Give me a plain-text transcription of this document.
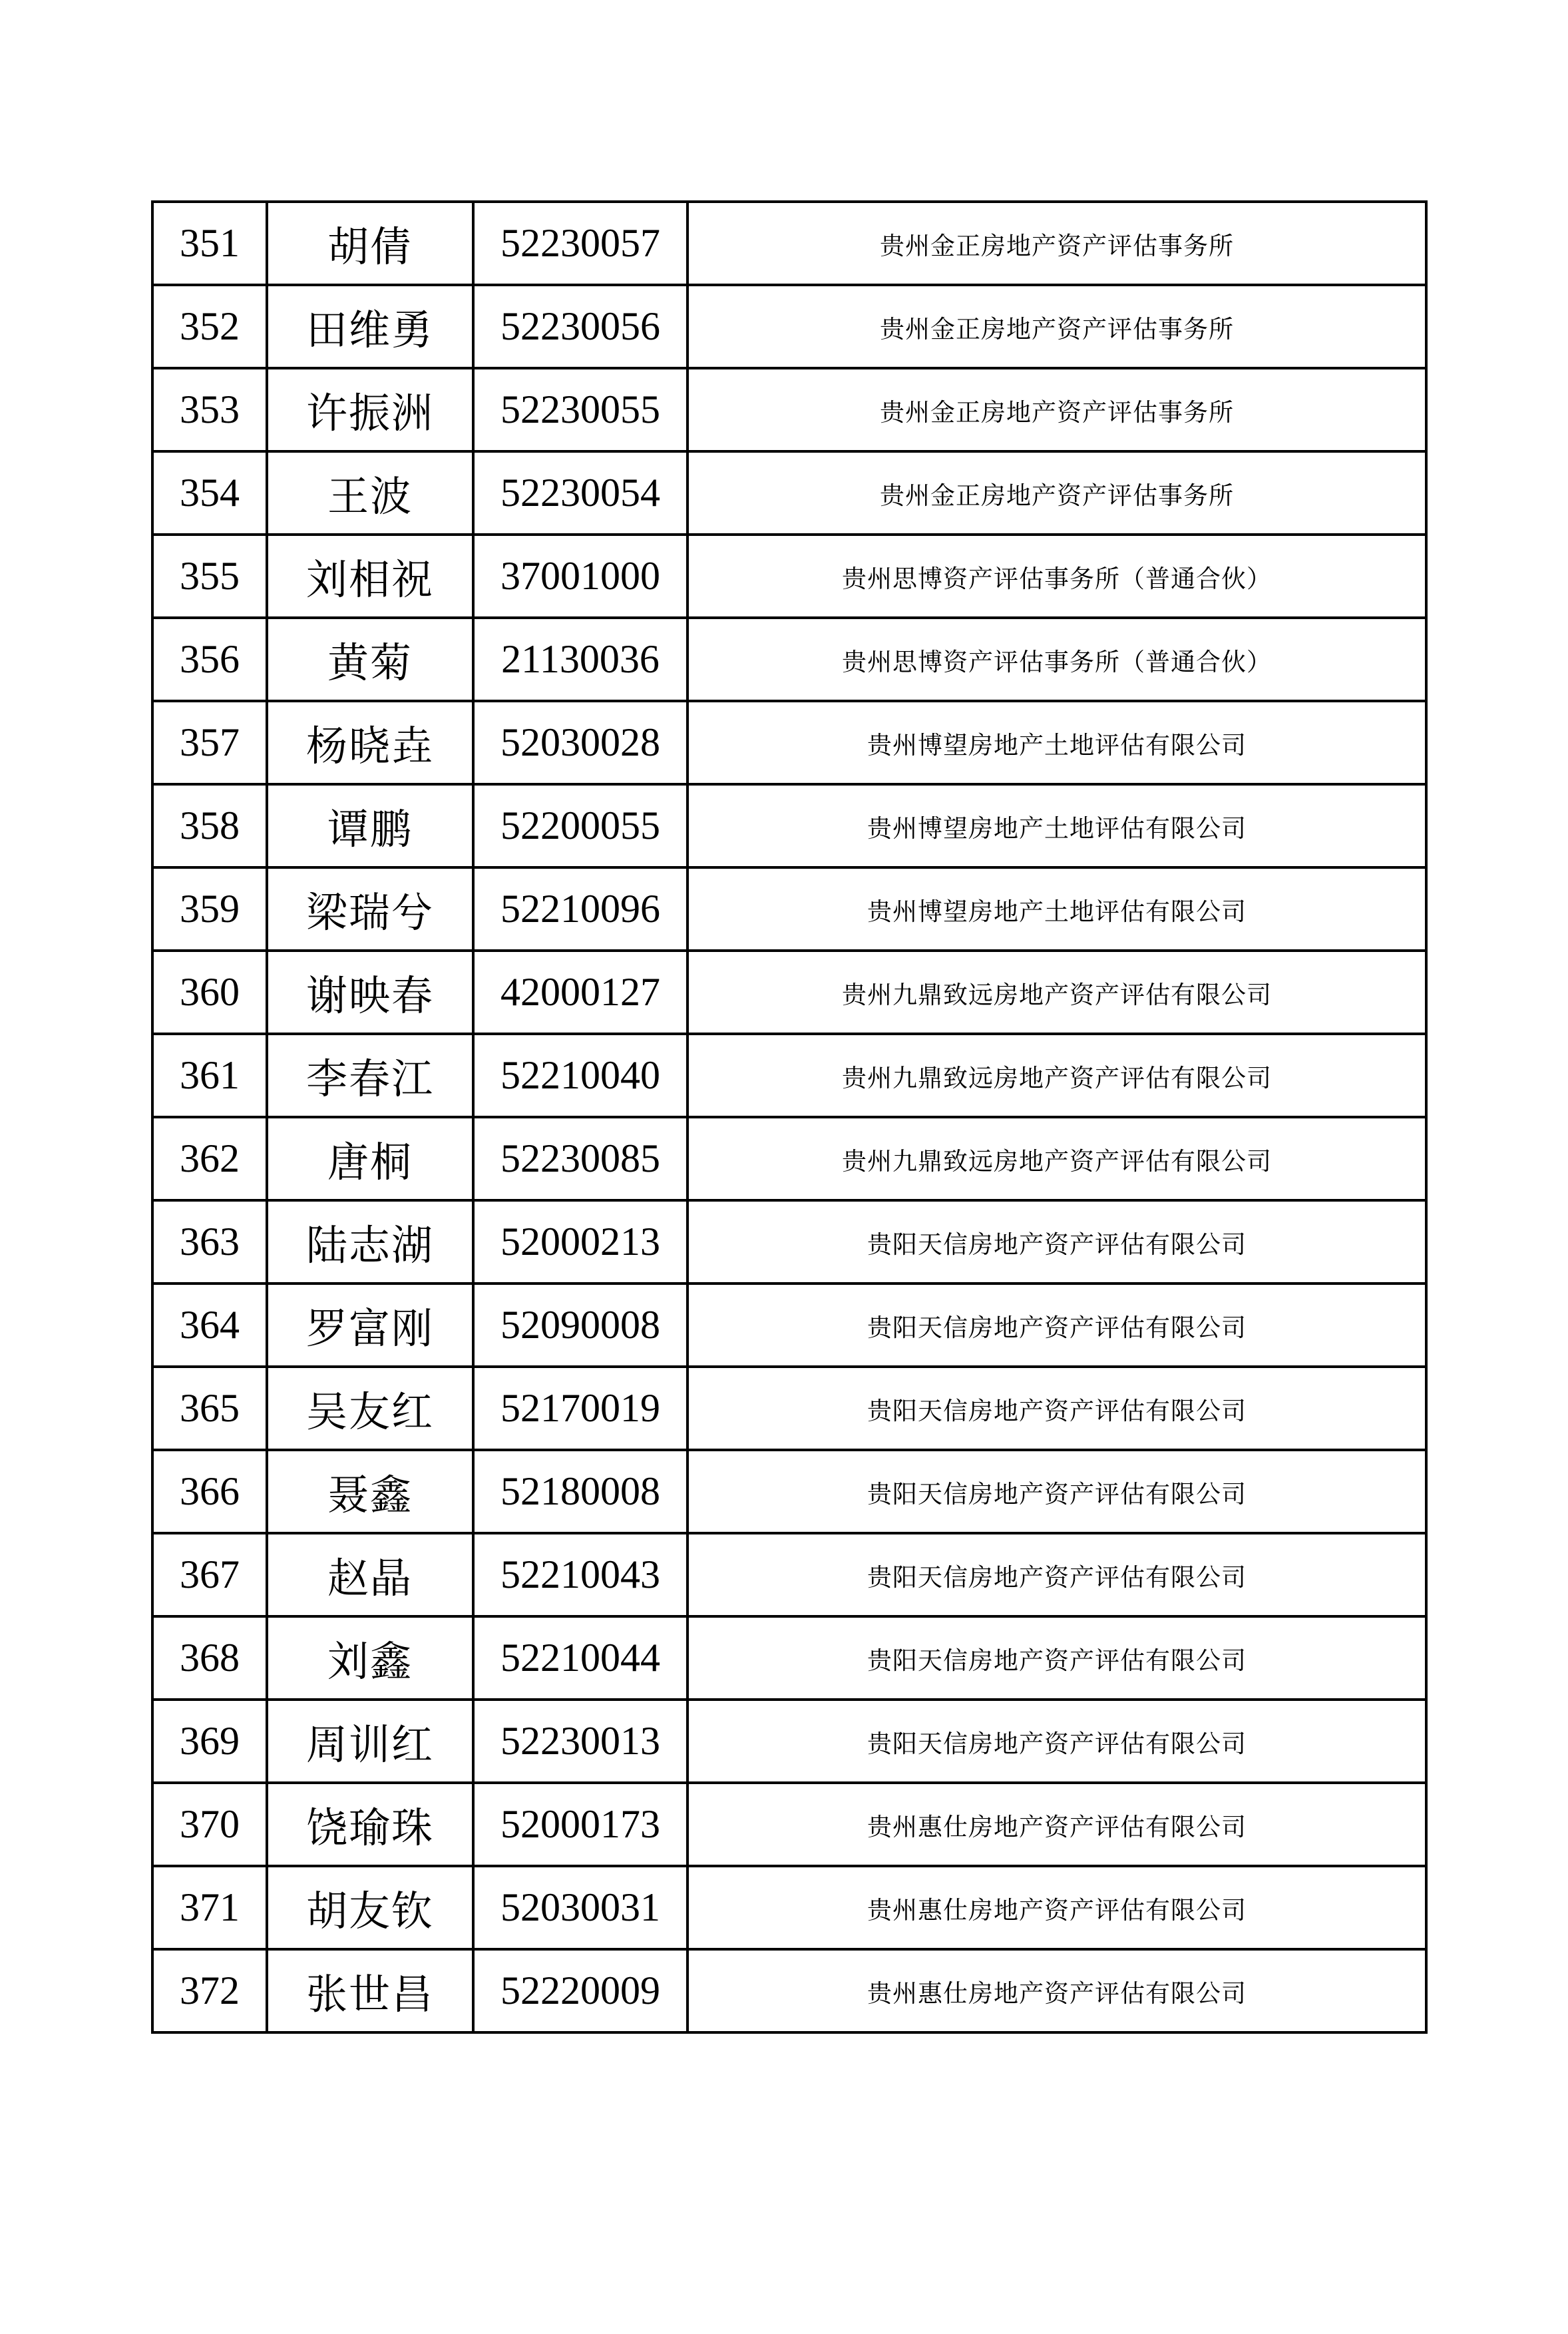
351	胡倩	52230057	贵州金正房地产资产评估事务所
352	田维勇	52230056	贵州金正房地产资产评估事务所
353	许振洲	52230055	贵州金正房地产资产评估事务所
354	王波	52230054	贵州金正房地产资产评估事务所
355	刘相祝	37001000	贵州思博资产评估事务所（普通合伙）
356	黄菊	21130036	贵州思博资产评估事务所（普通合伙）
357	杨晓垚	52030028	贵州博望房地产土地评估有限公司
358	谭鹏	52200055	贵州博望房地产土地评估有限公司
359	梁瑞兮	52210096	贵州博望房地产土地评估有限公司
360	谢映春	42000127	贵州九鼎致远房地产资产评估有限公司
361	李春江	52210040	贵州九鼎致远房地产资产评估有限公司
362	唐桐	52230085	贵州九鼎致远房地产资产评估有限公司
363	陆志湖	52000213	贵阳天信房地产资产评估有限公司
364	罗富刚	52090008	贵阳天信房地产资产评估有限公司
365	吴友红	52170019	贵阳天信房地产资产评估有限公司
366	聂鑫	52180008	贵阳天信房地产资产评估有限公司
367	赵晶	52210043	贵阳天信房地产资产评估有限公司
368	刘鑫	52210044	贵阳天信房地产资产评估有限公司
369	周训红	52230013	贵阳天信房地产资产评估有限公司
370	饶瑜珠	52000173	贵州惠仕房地产资产评估有限公司
371	胡友钦	52030031	贵州惠仕房地产资产评估有限公司
372	张世昌	52220009	贵州惠仕房地产资产评估有限公司
